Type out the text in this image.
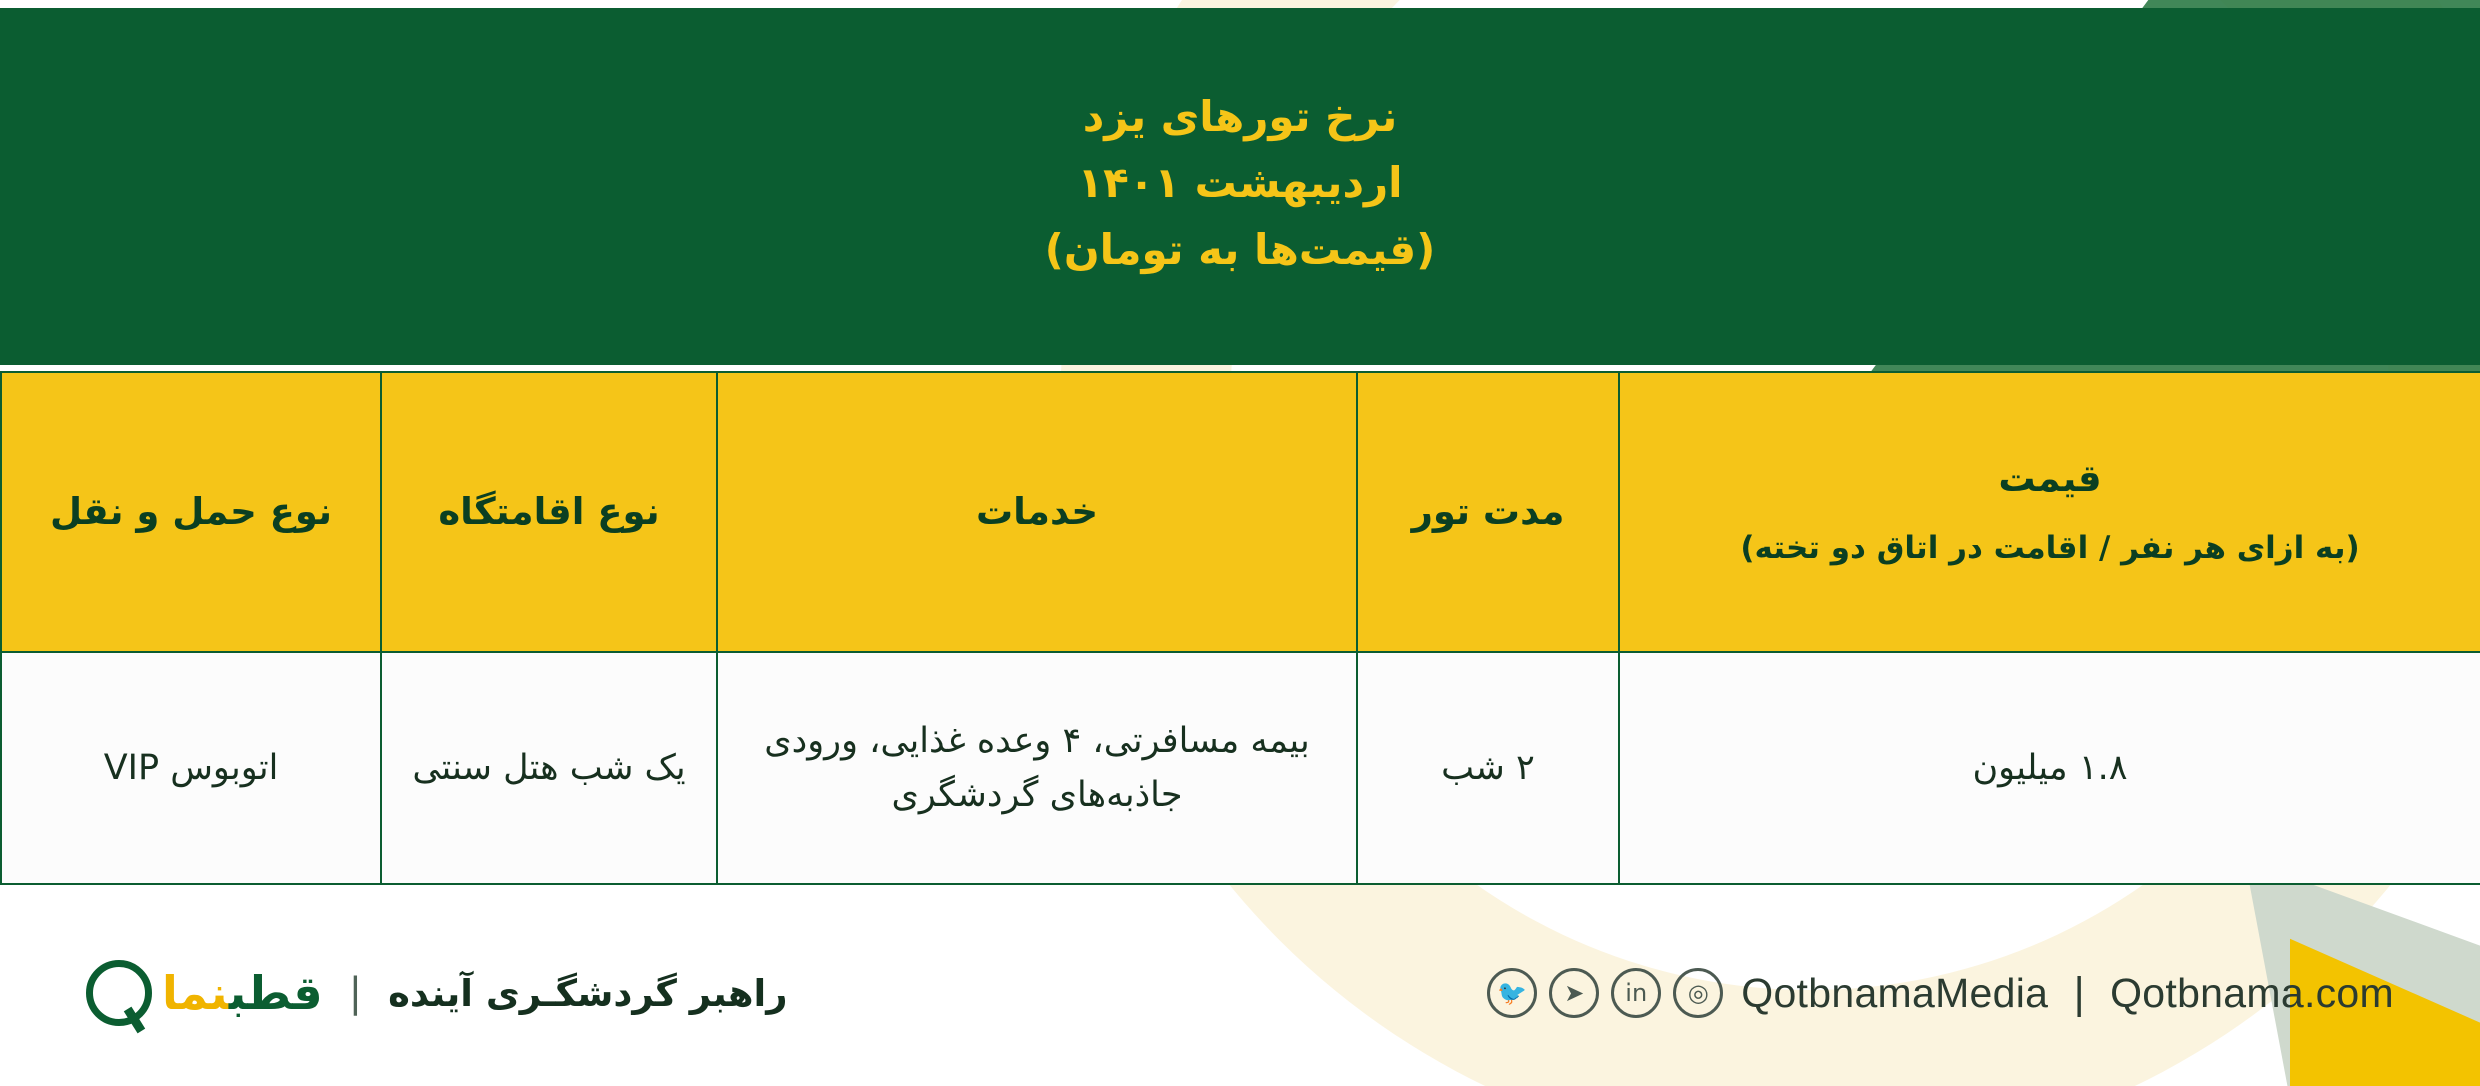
نرخ تورهای یزد
اردیبهشت ۱۴۰۱
(قیمت‌ها به تومان)
قیمت
(به ازای هر نفر / اقامت در اتاق دو تخته)	مدت تور	خدمات	نوع اقامتگاه	نوع حمل و نقل
۱.۸ میلیون	۲ شب	بیمه مسافرتی، ۴ وعده غذایی، ورودی جاذبه‌های گردشگری	یک شب هتل سنتی	اتوبوس VIP
🐦	➤	in	◎ QotbnamaMedia | Qotbnama.com
راهبر گردشگـری آینده
|
قطبنما
